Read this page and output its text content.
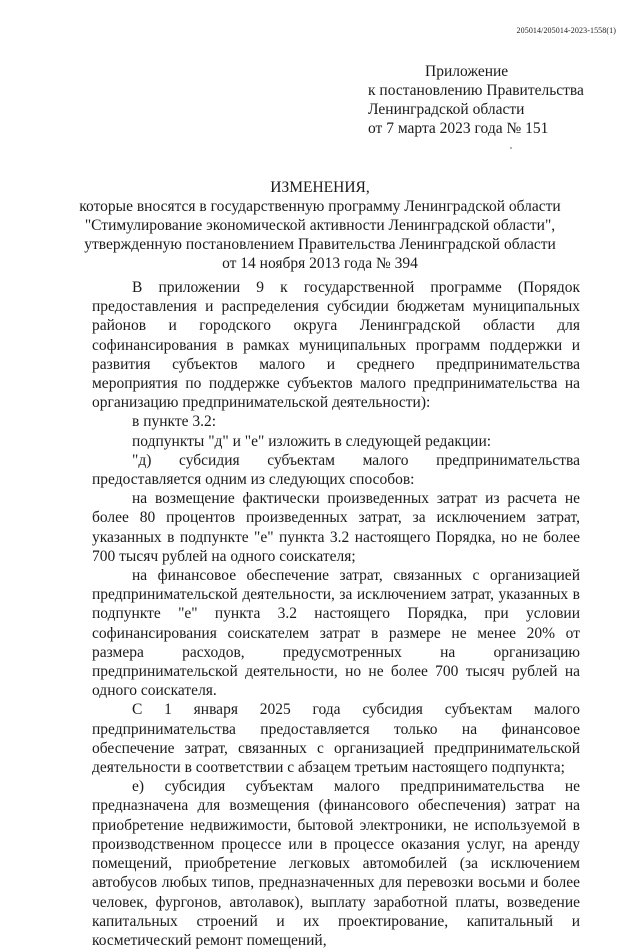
205014/205014-2023-1558(1)
Приложение
к постановлению Правительства
Ленинградской области
от 7 марта 2023 года № 151
ИЗМЕНЕНИЯ,
которые вносятся в государственную программу Ленинградской области
"Стимулирование экономической активности Ленинградской области",
утвержденную постановлением Правительства Ленинградской области
от 14 ноября 2013 года № 394

В приложении 9 к государственной программе (Порядок предоставления и распределения субсидии бюджетам муниципальных районов и городского округа Ленинградской области для софинансирования в рамках муниципальных программ поддержки и развития субъектов малого и среднего предпринимательства мероприятия по поддержке субъектов малого предпринимательства на организацию предпринимательской деятельности):

в пункте 3.2:

подпункты "д" и "е" изложить в следующей редакции:

"д) субсидия субъектам малого предпринимательства предоставляется одним из следующих способов:

на возмещение фактически произведенных затрат из расчета не более 80 процентов произведенных затрат, за исключением затрат, указанных в подпункте "е" пункта 3.2 настоящего Порядка, но не более 700 тысяч рублей на одного соискателя;

на финансовое обеспечение затрат, связанных с организацией предпринимательской деятельности, за исключением затрат, указанных в подпункте "е" пункта 3.2 настоящего Порядка, при условии софинансирования соискателем затрат в размере не менее 20% от размера расходов, предусмотренных на организацию предпринимательской деятельности, но не более 700 тысяч рублей на одного соискателя.

С 1 января 2025 года субсидия субъектам малого предпринимательства предоставляется только на финансовое обеспечение затрат, связанных с организацией предпринимательской деятельности в соответствии с абзацем третьим настоящего подпункта;

е) субсидия субъектам малого предпринимательства не предназначена для возмещения (финансового обеспечения) затрат на приобретение недвижимости, бытовой электроники, не используемой в производственном процессе или в процессе оказания услуг, на аренду помещений, приобретение легковых автомобилей (за исключением автобусов любых типов, предназначенных для перевозки восьми и более человек, фургонов, автолавок), выплату заработной платы, возведение капитальных строений и их проектирование, капитальный и косметический ремонт помещений,
